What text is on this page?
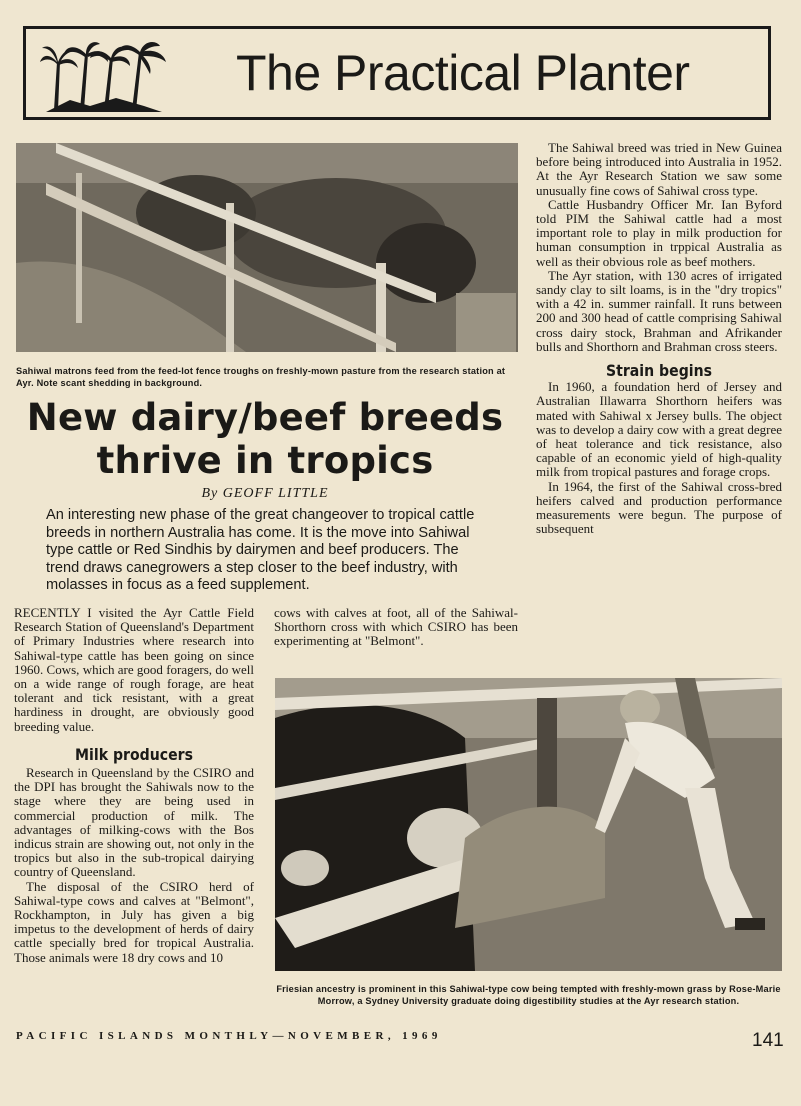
The Practical Planter
Sahiwal matrons feed from the feed-lot fence troughs on freshly-mown pasture from the research station at Ayr. Note scant shedding in background.
New dairy/beef breeds
thrive in tropics
By GEOFF LITTLE
An interesting new phase of the great changeover to tropical cattle breeds in northern Australia has come. It is the move into Sahiwal type cattle or Red Sindhis by dairymen and beef producers. The trend draws canegrowers a step closer to the beef industry, with molasses in focus as a feed supplement.

RECENTLY I visited the Ayr Cattle Field Research Station of Queensland's Department of Primary Industries where research into Sahiwal-type cattle has been going on since 1960. Cows, which are good foragers, do well on a wide range of rough forage, are heat tolerant and tick resistant, with a great hardiness in drought, are obviously good breeding value.

Milk producers

Research in Queensland by the CSIRO and the DPI has brought the Sahiwals now to the stage where they are being used in commercial production of milk. The advantages of milking-cows with the Bos indicus strain are showing out, not only in the tropics but also in the sub-tropical dairying country of Queensland.

The disposal of the CSIRO herd of Sahiwal-type cows and calves at "Belmont", Rockhampton, in July has given a big impetus to the development of herds of dairy cattle specially bred for tropical Australia. Those animals were 18 dry cows and 10

cows with calves at foot, all of the Sahiwal-Shorthorn cross with which CSIRO has been experimenting at "Belmont".

The Sahiwal breed was tried in New Guinea before being introduced into Australia in 1952. At the Ayr Research Station we saw some unusually fine cows of Sahiwal cross type.

Cattle Husbandry Officer Mr. Ian Byford told PIM the Sahiwal cattle had a most important role to play in milk production for human consumption in trppical Australia as well as their obvious role as beef mothers.

The Ayr station, with 130 acres of irrigated sandy clay to silt loams, is in the "dry tropics" with a 42 in. summer rainfall. It runs between 200 and 300 head of cattle comprising Sahiwal cross dairy stock, Brahman and Afrikander bulls and Shorthorn and Brahman cross steers.

Strain begins

In 1960, a foundation herd of Jersey and Australian Illawarra Shorthorn heifers was mated with Sahiwal x Jersey bulls. The object was to develop a dairy cow with a great degree of heat tolerance and tick resistance, also capable of an economic yield of high-quality milk from tropical pastures and forage crops.

In 1964, the first of the Sahiwal cross-bred heifers calved and production performance measurements were begun. The purpose of subsequent

Friesian ancestry is prominent in this Sahiwal-type cow being tempted with freshly-mown grass by Rose-Marie Morrow, a Sydney University graduate doing digestibility studies at the Ayr research station.
PACIFIC ISLANDS MONTHLY—NOVEMBER, 1969	141
